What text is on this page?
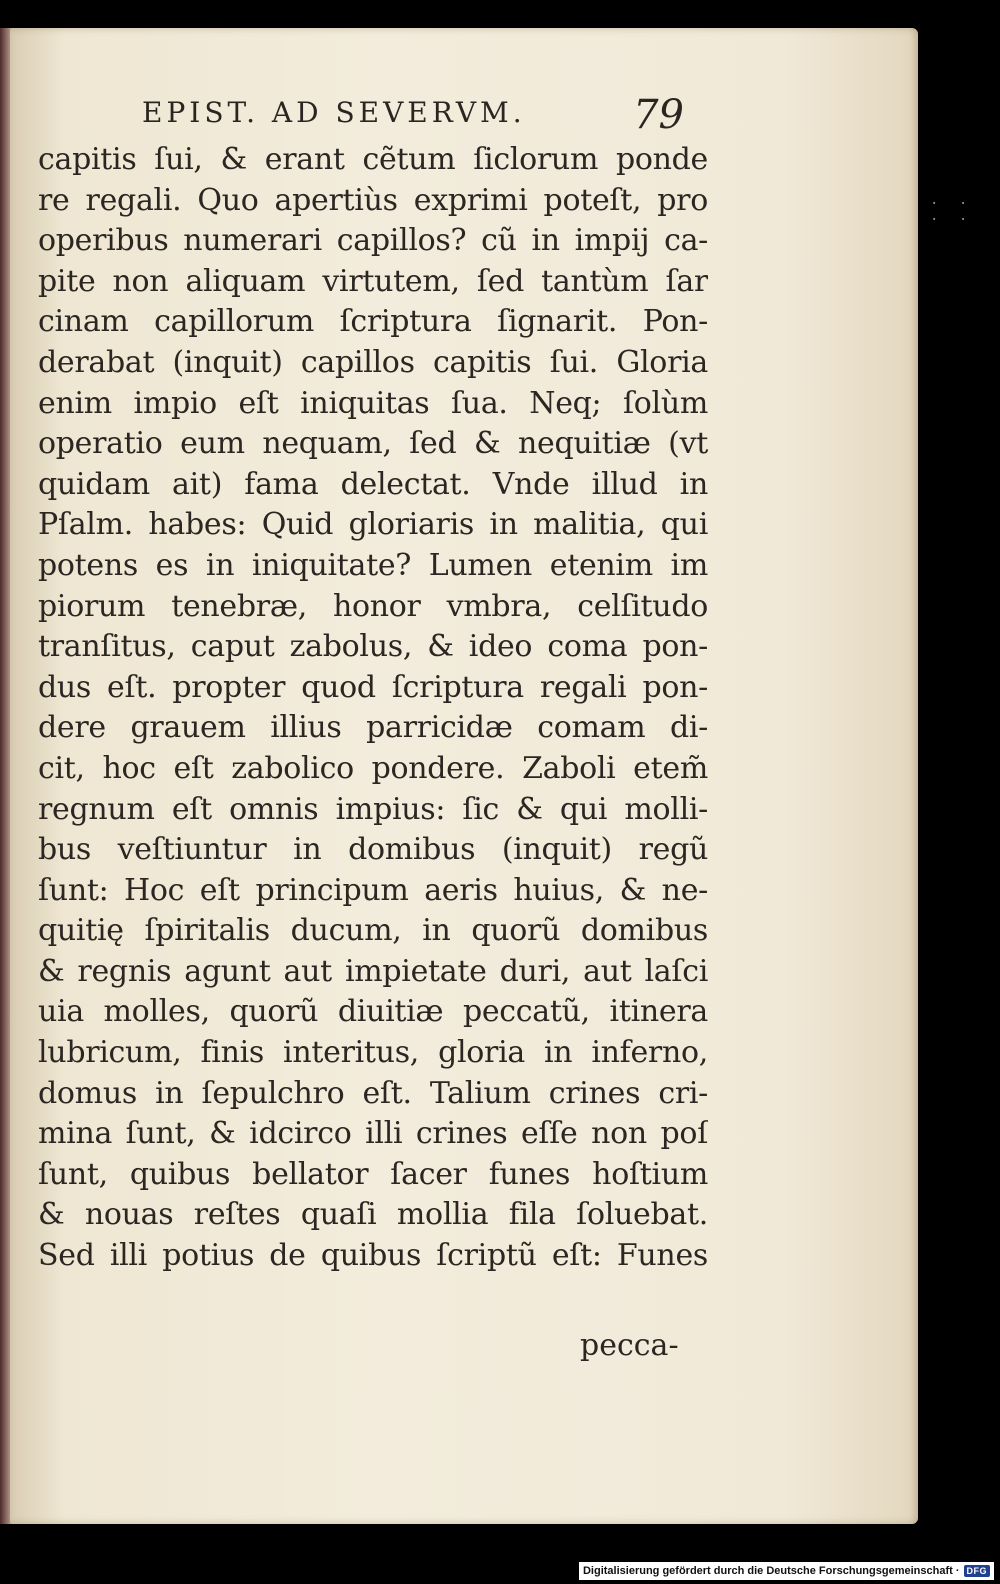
EPIST. AD SEVERVM.	79
capitis ſui, & erant cẽtum ſiclorum ponde
re regali. Quo apertiùs exprimi poteſt, pro
operibus numerari capillos? cũ in impij ca-
pite non aliquam virtutem, ſed tantùm ſar
cinam capillorum ſcriptura ſignarit. Pon-
derabat (inquit) capillos capitis ſui. Gloria
enim impio eſt iniquitas ſua. Neq; ſolùm
operatio eum nequam, ſed & nequitiæ (vt
quidam ait) fama delectat. Vnde illud in
Pſalm. habes: Quid gloriaris in malitia, qui
potens es in iniquitate? Lumen etenim im
piorum tenebræ, honor vmbra, celſitudo
tranſitus, caput zabolus, & ideo coma pon-
dus eſt. propter quod ſcriptura regali pon-
dere grauem illius parricidæ comam di-
cit, hoc eſt zabolico pondere. Zaboli etem̃
regnum eſt omnis impius: ſic & qui molli-
bus veſtiuntur in domibus (inquit) regũ
ſunt: Hoc eſt principum aeris huius, & ne-
quitię ſpiritalis ducum, in quorũ domibus
& regnis agunt aut impietate duri, aut laſci
uia molles, quorũ diuitiæ peccatũ, itinera
lubricum, finis interitus, gloria in inferno,
domus in ſepulchro eſt. Talium crines cri-
mina ſunt, & idcirco illi crines eſſe non poſ
ſunt, quibus bellator ſacer funes hoſtium
& nouas reſtes quaſi mollia fila ſoluebat.
Sed illi potius de quibus ſcriptũ eſt: Funes
pecca-
· · · ·
Digitalisierung gefördert durch die Deutsche Forschungsgemeinschaft · DFG
